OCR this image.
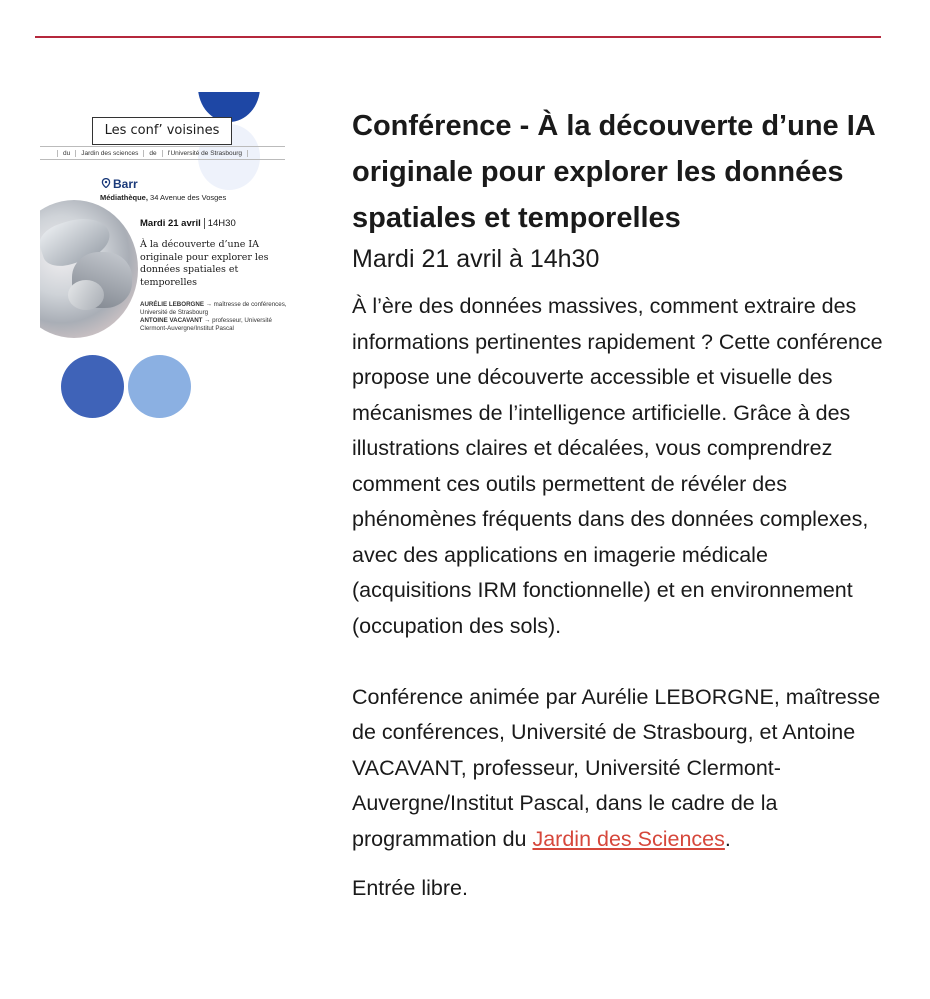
du	Jardin des sciences	de	l’Université de Strasbourg
Les conf’ voisines
Barr
Médiathèque, 34 Avenue des Vosges
Mardi 21 avril 14H30
À la découverte d’une IA originale pour explorer les données spatiales et temporelles
AURÉLIE LEBORGNE → maîtresse de conférences, Université de Strasbourg
ANTOINE VACAVANT → professeur, Université Clermont-Auvergne/Institut Pascal
Conférence - À la découverte d’une IA originale pour explorer les données spatiales et temporelles

Mardi 21 avril à 14h30

À l’ère des données massives, comment extraire des informations pertinentes rapidement ? Cette conférence propose une découverte accessible et visuelle des mécanismes de l’intelligence artificielle. Grâce à des illustrations claires et décalées, vous comprendrez comment ces outils permettent de révéler des phénomènes fréquents dans des données complexes, avec des applications en imagerie médicale (acquisitions IRM fonctionnelle) et en environnement (occupation des sols).

Conférence animée par Aurélie LEBORGNE, maîtresse de conférences, Université de Strasbourg, et Antoine VACAVANT, professeur, Université Clermont-Auvergne/Institut Pascal, dans le cadre de la programmation du Jardin des Sciences.

Entrée libre.
